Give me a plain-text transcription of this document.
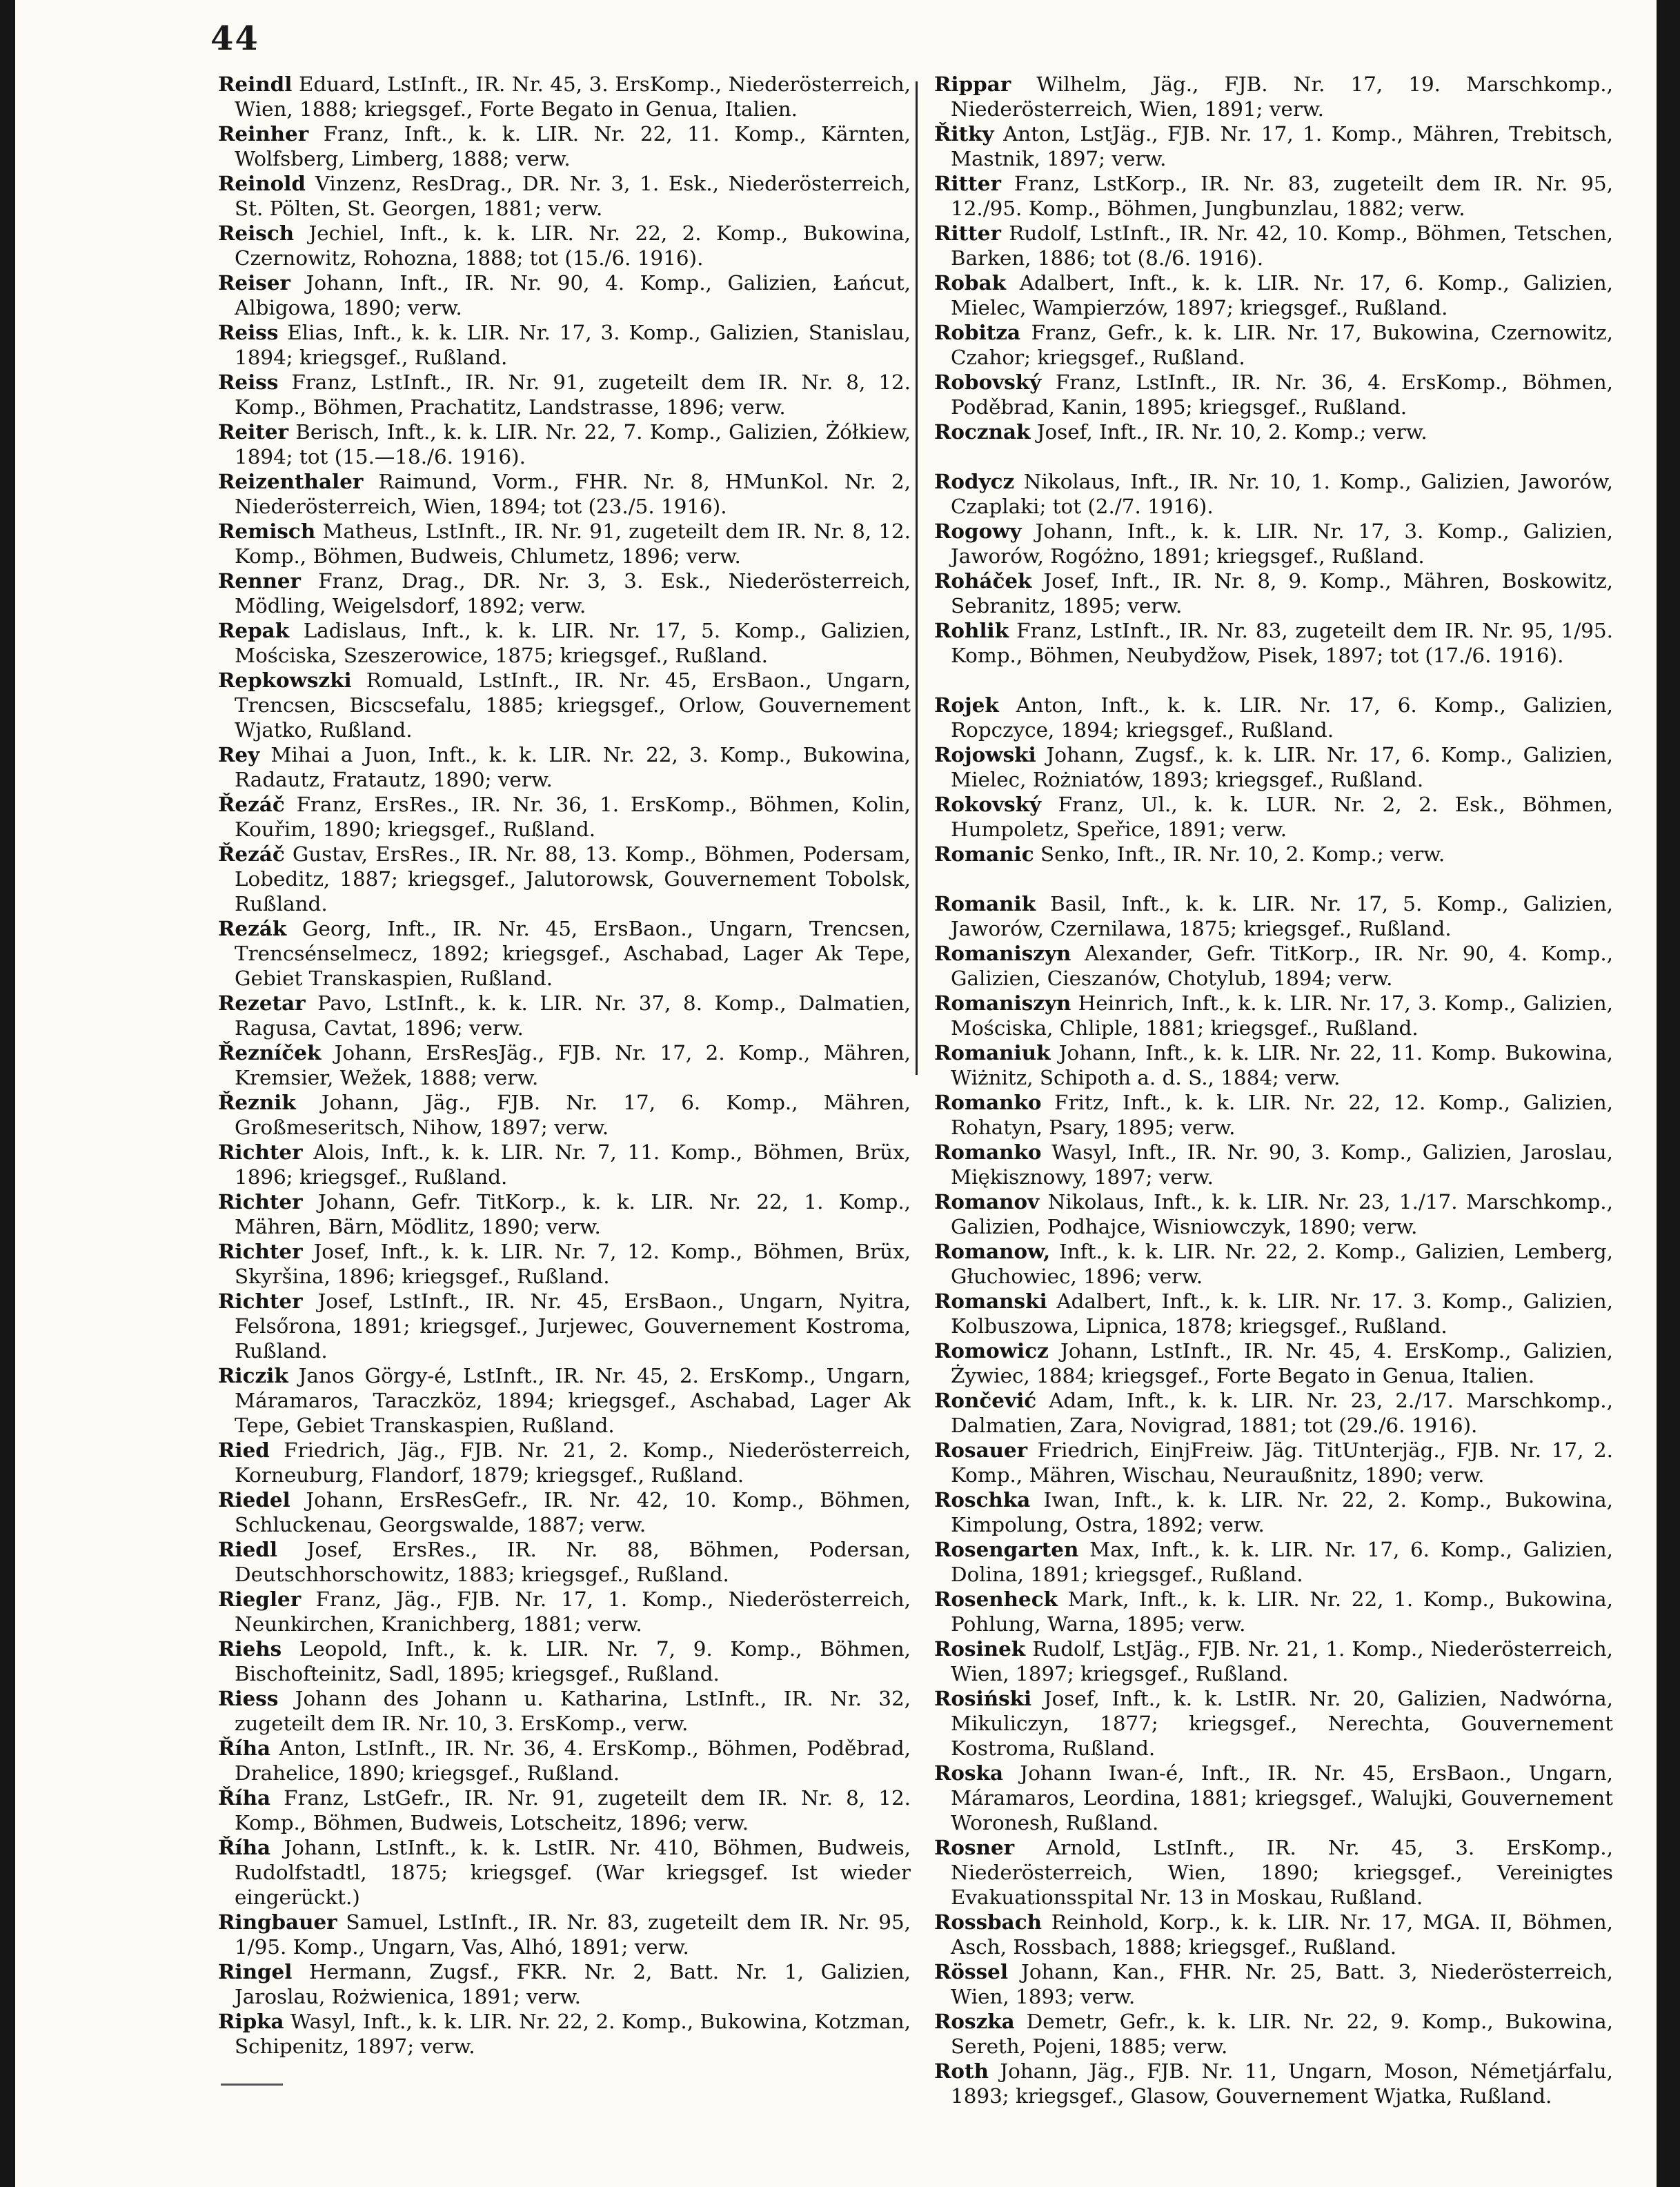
44
Reindl Eduard, LstInft., IR. Nr. 45, 3. ErsKomp., Niederösterreich, Wien, 1888; kriegsgef., Forte Begato in Genua, Italien.
Reinher Franz, Inft., k. k. LIR. Nr. 22, 11. Komp., Kärnten, Wolfsberg, Limberg, 1888; verw.
Reinold Vinzenz, ResDrag., DR. Nr. 3, 1. Esk., Niederösterreich, St. Pölten, St. Georgen, 1881; verw.
Reisch Jechiel, Inft., k. k. LIR. Nr. 22, 2. Komp., Bukowina, Czernowitz, Rohozna, 1888; tot (15./6. 1916).
Reiser Johann, Inft., IR. Nr. 90, 4. Komp., Galizien, Łańcut, Albigowa, 1890; verw.
Reiss Elias, Inft., k. k. LIR. Nr. 17, 3. Komp., Galizien, Stanislau, 1894; kriegsgef., Rußland.
Reiss Franz, LstInft., IR. Nr. 91, zugeteilt dem IR. Nr. 8, 12. Komp., Böhmen, Prachatitz, Landstrasse, 1896; verw.
Reiter Berisch, Inft., k. k. LIR. Nr. 22, 7. Komp., Galizien, Żółkiew, 1894; tot (15.—18./6. 1916).
Reizenthaler Raimund, Vorm., FHR. Nr. 8, HMunKol. Nr. 2, Niederösterreich, Wien, 1894; tot (23./5. 1916).
Remisch Matheus, LstInft., IR. Nr. 91, zugeteilt dem IR. Nr. 8, 12. Komp., Böhmen, Budweis, Chlumetz, 1896; verw.
Renner Franz, Drag., DR. Nr. 3, 3. Esk., Niederösterreich, Mödling, Weigelsdorf, 1892; verw.
Repak Ladislaus, Inft., k. k. LIR. Nr. 17, 5. Komp., Galizien, Mościska, Szeszerowice, 1875; kriegsgef., Rußland.
Repkowszki Romuald, LstInft., IR. Nr. 45, ErsBaon., Ungarn, Trencsen, Bicscsefalu, 1885; kriegsgef., Orlow, Gouvernement Wjatko, Rußland.
Rey Mihai a Juon, Inft., k. k. LIR. Nr. 22, 3. Komp., Bukowina, Radautz, Fratautz, 1890; verw.
Řezáč Franz, ErsRes., IR. Nr. 36, 1. ErsKomp., Böhmen, Kolin, Kouřim, 1890; kriegsgef., Rußland.
Řezáč Gustav, ErsRes., IR. Nr. 88, 13. Komp., Böhmen, Podersam, Lobeditz, 1887; kriegsgef., Jalutorowsk, Gouvernement Tobolsk, Rußland.
Rezák Georg, Inft., IR. Nr. 45, ErsBaon., Ungarn, Trencsen, Trencsénselmecz, 1892; kriegsgef., Aschabad, Lager Ak Tepe, Gebiet Transkaspien, Rußland.
Rezetar Pavo, LstInft., k. k. LIR. Nr. 37, 8. Komp., Dalmatien, Ragusa, Cavtat, 1896; verw.
Řezníček Johann, ErsResJäg., FJB. Nr. 17, 2. Komp., Mähren, Kremsier, Wežek, 1888; verw.
Řeznik Johann, Jäg., FJB. Nr. 17, 6. Komp., Mähren, Großmeseritsch, Nihow, 1897; verw.
Richter Alois, Inft., k. k. LIR. Nr. 7, 11. Komp., Böhmen, Brüx, 1896; kriegsgef., Rußland.
Richter Johann, Gefr. TitKorp., k. k. LIR. Nr. 22, 1. Komp., Mähren, Bärn, Mödlitz, 1890; verw.
Richter Josef, Inft., k. k. LIR. Nr. 7, 12. Komp., Böhmen, Brüx, Skyršina, 1896; kriegsgef., Rußland.
Richter Josef, LstInft., IR. Nr. 45, ErsBaon., Ungarn, Nyitra, Felsőrona, 1891; kriegsgef., Jurjewec, Gouvernement Kostroma, Rußland.
Riczik Janos Görgy-é, LstInft., IR. Nr. 45, 2. ErsKomp., Ungarn, Máramaros, Taraczköz, 1894; kriegsgef., Aschabad, Lager Ak Tepe, Gebiet Transkaspien, Rußland.
Ried Friedrich, Jäg., FJB. Nr. 21, 2. Komp., Niederösterreich, Korneuburg, Flandorf, 1879; kriegsgef., Rußland.
Riedel Johann, ErsResGefr., IR. Nr. 42, 10. Komp., Böhmen, Schluckenau, Georgswalde, 1887; verw.
Riedl Josef, ErsRes., IR. Nr. 88, Böhmen, Podersan, Deutschhorschowitz, 1883; kriegsgef., Rußland.
Riegler Franz, Jäg., FJB. Nr. 17, 1. Komp., Niederösterreich, Neunkirchen, Kranichberg, 1881; verw.
Riehs Leopold, Inft., k. k. LIR. Nr. 7, 9. Komp., Böhmen, Bischofteinitz, Sadl, 1895; kriegsgef., Rußland.
Riess Johann des Johann u. Katharina, LstInft., IR. Nr. 32, zugeteilt dem IR. Nr. 10, 3. ErsKomp., verw.
Říha Anton, LstInft., IR. Nr. 36, 4. ErsKomp., Böhmen, Poděbrad, Drahelice, 1890; kriegsgef., Rußland.
Říha Franz, LstGefr., IR. Nr. 91, zugeteilt dem IR. Nr. 8, 12. Komp., Böhmen, Budweis, Lotscheitz, 1896; verw.
Říha Johann, LstInft., k. k. LstIR. Nr. 410, Böhmen, Budweis, Rudolfstadtl, 1875; kriegsgef. (War kriegsgef. Ist wieder eingerückt.)
Ringbauer Samuel, LstInft., IR. Nr. 83, zugeteilt dem IR. Nr. 95, 1/95. Komp., Ungarn, Vas, Alhó, 1891; verw.
Ringel Hermann, Zugsf., FKR. Nr. 2, Batt. Nr. 1, Galizien, Jaroslau, Rożwienica, 1891; verw.
Ripka Wasyl, Inft., k. k. LIR. Nr. 22, 2. Komp., Bukowina, Kotzman, Schipenitz, 1897; verw.
Rippar Wilhelm, Jäg., FJB. Nr. 17, 19. Marschkomp., Niederösterreich, Wien, 1891; verw.
Řitky Anton, LstJäg., FJB. Nr. 17, 1. Komp., Mähren, Trebitsch, Mastnik, 1897; verw.
Ritter Franz, LstKorp., IR. Nr. 83, zugeteilt dem IR. Nr. 95, 12./95. Komp., Böhmen, Jungbunzlau, 1882; verw.
Ritter Rudolf, LstInft., IR. Nr. 42, 10. Komp., Böhmen, Tetschen, Barken, 1886; tot (8./6. 1916).
Robak Adalbert, Inft., k. k. LIR. Nr. 17, 6. Komp., Galizien, Mielec, Wampierzów, 1897; kriegsgef., Rußland.
Robitza Franz, Gefr., k. k. LIR. Nr. 17, Bukowina, Czernowitz, Czahor; kriegsgef., Rußland.
Robovský Franz, LstInft., IR. Nr. 36, 4. ErsKomp., Böhmen, Poděbrad, Kanin, 1895; kriegsgef., Rußland.
Rocznak Josef, Inft., IR. Nr. 10, 2. Komp.; verw.
Rodycz Nikolaus, Inft., IR. Nr. 10, 1. Komp., Galizien, Jaworów, Czaplaki; tot (2./7. 1916).
Rogowy Johann, Inft., k. k. LIR. Nr. 17, 3. Komp., Galizien, Jaworów, Rogóżno, 1891; kriegsgef., Rußland.
Roháček Josef, Inft., IR. Nr. 8, 9. Komp., Mähren, Boskowitz, Sebranitz, 1895; verw.
Rohlik Franz, LstInft., IR. Nr. 83, zugeteilt dem IR. Nr. 95, 1/95. Komp., Böhmen, Neubydžow, Pisek, 1897; tot (17./6. 1916).
Rojek Anton, Inft., k. k. LIR. Nr. 17, 6. Komp., Galizien, Ropczyce, 1894; kriegsgef., Rußland.
Rojowski Johann, Zugsf., k. k. LIR. Nr. 17, 6. Komp., Galizien, Mielec, Rożniatów, 1893; kriegsgef., Rußland.
Rokovský Franz, Ul., k. k. LUR. Nr. 2, 2. Esk., Böhmen, Humpoletz, Speřice, 1891; verw.
Romanic Senko, Inft., IR. Nr. 10, 2. Komp.; verw.
Romanik Basil, Inft., k. k. LIR. Nr. 17, 5. Komp., Galizien, Jaworów, Czernilawa, 1875; kriegsgef., Rußland.
Romaniszyn Alexander, Gefr. TitKorp., IR. Nr. 90, 4. Komp., Galizien, Cieszanów, Chotylub, 1894; verw.
Romaniszyn Heinrich, Inft., k. k. LIR. Nr. 17, 3. Komp., Galizien, Mościska, Chliple, 1881; kriegsgef., Rußland.
Romaniuk Johann, Inft., k. k. LIR. Nr. 22, 11. Komp. Bukowina, Wiżnitz, Schipoth a. d. S., 1884; verw.
Romanko Fritz, Inft., k. k. LIR. Nr. 22, 12. Komp., Galizien, Rohatyn, Psary, 1895; verw.
Romanko Wasyl, Inft., IR. Nr. 90, 3. Komp., Galizien, Jaroslau, Miękisznowy, 1897; verw.
Romanov Nikolaus, Inft., k. k. LIR. Nr. 23, 1./17. Marschkomp., Galizien, Podhajce, Wisniowczyk, 1890; verw.
Romanow, Inft., k. k. LIR. Nr. 22, 2. Komp., Galizien, Lemberg, Głuchowiec, 1896; verw.
Romanski Adalbert, Inft., k. k. LIR. Nr. 17. 3. Komp., Galizien, Kolbuszowa, Lipnica, 1878; kriegsgef., Rußland.
Romowicz Johann, LstInft., IR. Nr. 45, 4. ErsKomp., Galizien, Żywiec, 1884; kriegsgef., Forte Begato in Genua, Italien.
Rončević Adam, Inft., k. k. LIR. Nr. 23, 2./17. Marschkomp., Dalmatien, Zara, Novigrad, 1881; tot (29./6. 1916).
Rosauer Friedrich, EinjFreiw. Jäg. TitUnterjäg., FJB. Nr. 17, 2. Komp., Mähren, Wischau, Neuraußnitz, 1890; verw.
Roschka Iwan, Inft., k. k. LIR. Nr. 22, 2. Komp., Bukowina, Kimpolung, Ostra, 1892; verw.
Rosengarten Max, Inft., k. k. LIR. Nr. 17, 6. Komp., Galizien, Dolina, 1891; kriegsgef., Rußland.
Rosenheck Mark, Inft., k. k. LIR. Nr. 22, 1. Komp., Bukowina, Pohlung, Warna, 1895; verw.
Rosinek Rudolf, LstJäg., FJB. Nr. 21, 1. Komp., Niederösterreich, Wien, 1897; kriegsgef., Rußland.
Rosiński Josef, Inft., k. k. LstIR. Nr. 20, Galizien, Nadwórna, Mikuliczyn, 1877; kriegsgef., Nerechta, Gouvernement Kostroma, Rußland.
Roska Johann Iwan-é, Inft., IR. Nr. 45, ErsBaon., Ungarn, Máramaros, Leordina, 1881; kriegsgef., Walujki, Gouvernement Woronesh, Rußland.
Rosner Arnold, LstInft., IR. Nr. 45, 3. ErsKomp., Niederösterreich, Wien, 1890; kriegsgef., Vereinigtes Evakuationsspital Nr. 13 in Moskau, Rußland.
Rossbach Reinhold, Korp., k. k. LIR. Nr. 17, MGA. II, Böhmen, Asch, Rossbach, 1888; kriegsgef., Rußland.
Rössel Johann, Kan., FHR. Nr. 25, Batt. 3, Niederösterreich, Wien, 1893; verw.
Roszka Demetr, Gefr., k. k. LIR. Nr. 22, 9. Komp., Bukowina, Sereth, Pojeni, 1885; verw.
Roth Johann, Jäg., FJB. Nr. 11, Ungarn, Moson, Németjárfalu, 1893; kriegsgef., Glasow, Gouvernement Wjatka, Rußland.
